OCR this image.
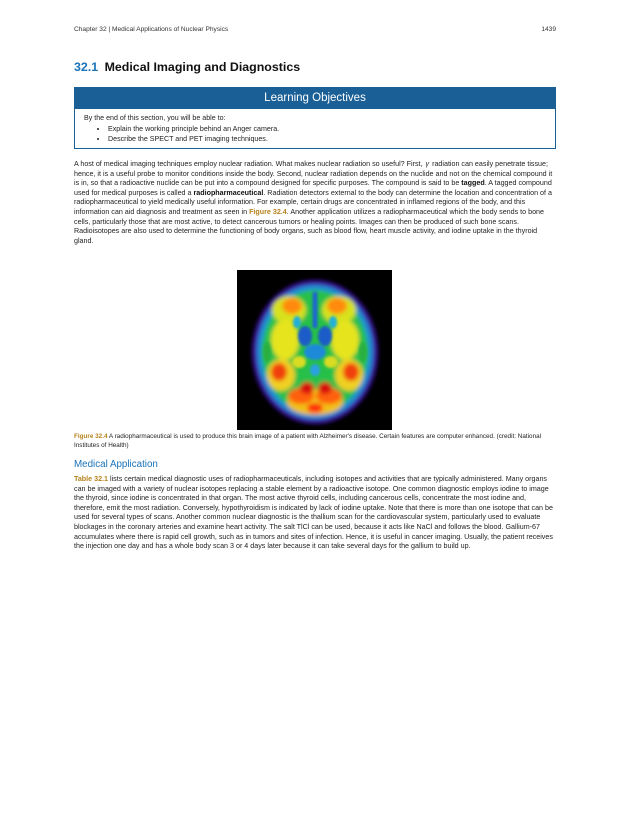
Chapter 32 | Medical Applications of Nuclear Physics	1439
32.1 Medical Imaging and Diagnostics
Learning Objectives
By the end of this section, you will be able to:
• Explain the working principle behind an Anger camera.
• Describe the SPECT and PET imaging techniques.

A host of medical imaging techniques employ nuclear radiation. What makes nuclear radiation so useful? First, γ radiation can easily penetrate tissue; hence, it is a useful probe to monitor conditions inside the body. Second, nuclear radiation depends on the nuclide and not on the chemical compound it is in, so that a radioactive nuclide can be put into a compound designed for specific purposes. The compound is said to be tagged. A tagged compound used for medical purposes is called a radiopharmaceutical. Radiation detectors external to the body can determine the location and concentration of a radiopharmaceutical to yield medically useful information. For example, certain drugs are concentrated in inflamed regions of the body, and this information can aid diagnosis and treatment as seen in Figure 32.4. Another application utilizes a radiopharmaceutical which the body sends to bone cells, particularly those that are most active, to detect cancerous tumors or healing points. Images can then be produced of such bone scans. Radioisotopes are also used to determine the functioning of body organs, such as blood flow, heart muscle activity, and iodine uptake in the thyroid gland.

Figure 32.4 A radiopharmaceutical is used to produce this brain image of a patient with Alzheimer's disease. Certain features are computer enhanced. (credit: National Institutes of Health)
Medical Application

Table 32.1 lists certain medical diagnostic uses of radiopharmaceuticals, including isotopes and activities that are typically administered. Many organs can be imaged with a variety of nuclear isotopes replacing a stable element by a radioactive isotope. One common diagnostic employs iodine to image the thyroid, since iodine is concentrated in that organ. The most active thyroid cells, including cancerous cells, concentrate the most iodine and, therefore, emit the most radiation. Conversely, hypothyroidism is indicated by lack of iodine uptake. Note that there is more than one isotope that can be used for several types of scans. Another common nuclear diagnostic is the thallium scan for the cardiovascular system, particularly used to evaluate blockages in the coronary arteries and examine heart activity. The salt TlCl can be used, because it acts like NaCl and follows the blood. Gallium-67 accumulates where there is rapid cell growth, such as in tumors and sites of infection. Hence, it is useful in cancer imaging. Usually, the patient receives the injection one day and has a whole body scan 3 or 4 days later because it can take several days for the gallium to build up.
